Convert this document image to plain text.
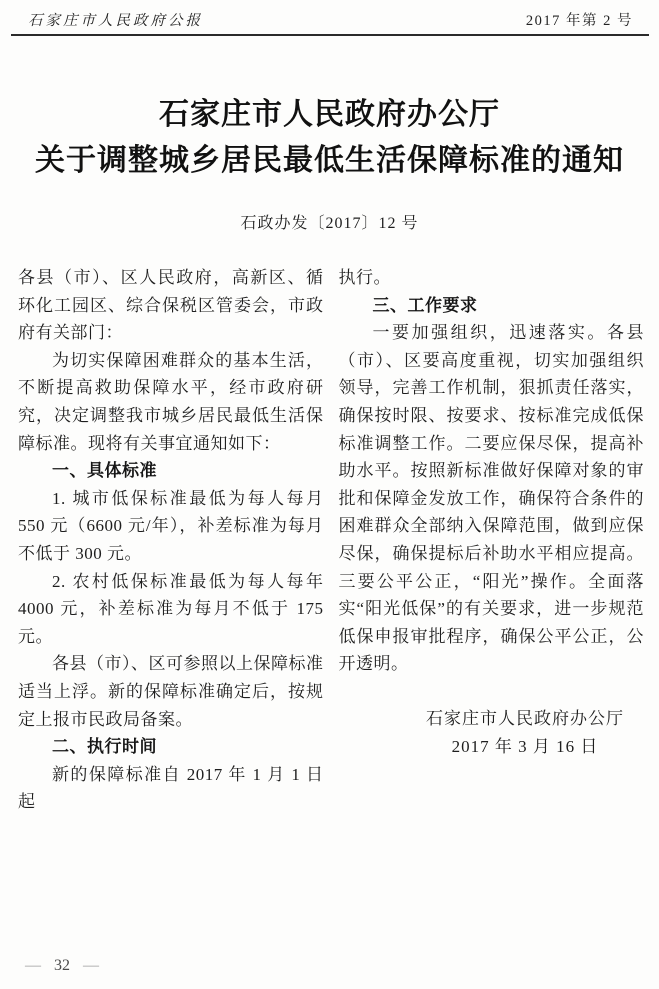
石家庄市人民政府公报	2017 年第 2 号
石家庄市人民政府办公厅
关于调整城乡居民最低生活保障标准的通知
石政办发〔2017〕12 号

各县（市）、区人民政府，高新区、循环化工园区、综合保税区管委会，市政府有关部门：

为切实保障困难群众的基本生活，不断提高救助保障水平，经市政府研究，决定调整我市城乡居民最低生活保障标准。现将有关事宜通知如下：

一、具体标准

1. 城市低保标准最低为每人每月 550 元（6600 元/年），补差标准为每月不低于 300 元。

2. 农村低保标准最低为每人每年 4000 元，补差标准为每月不低于 175 元。

各县（市）、区可参照以上保障标准适当上浮。新的保障标准确定后，按规定上报市民政局备案。

二、执行时间

新的保障标准自 2017 年 1 月 1 日起

执行。

三、工作要求

一要加强组织，迅速落实。各县（市）、区要高度重视，切实加强组织领导，完善工作机制，狠抓责任落实，确保按时限、按要求、按标准完成低保标准调整工作。二要应保尽保，提高补助水平。按照新标准做好保障对象的审批和保障金发放工作，确保符合条件的困难群众全部纳入保障范围，做到应保尽保，确保提标后补助水平相应提高。三要公平公正，“阳光”操作。全面落实“阳光低保”的有关要求，进一步规范低保申报审批程序，确保公平公正，公开透明。

石家庄市人民政府办公厅
2017 年 3 月 16 日
— 32 —
